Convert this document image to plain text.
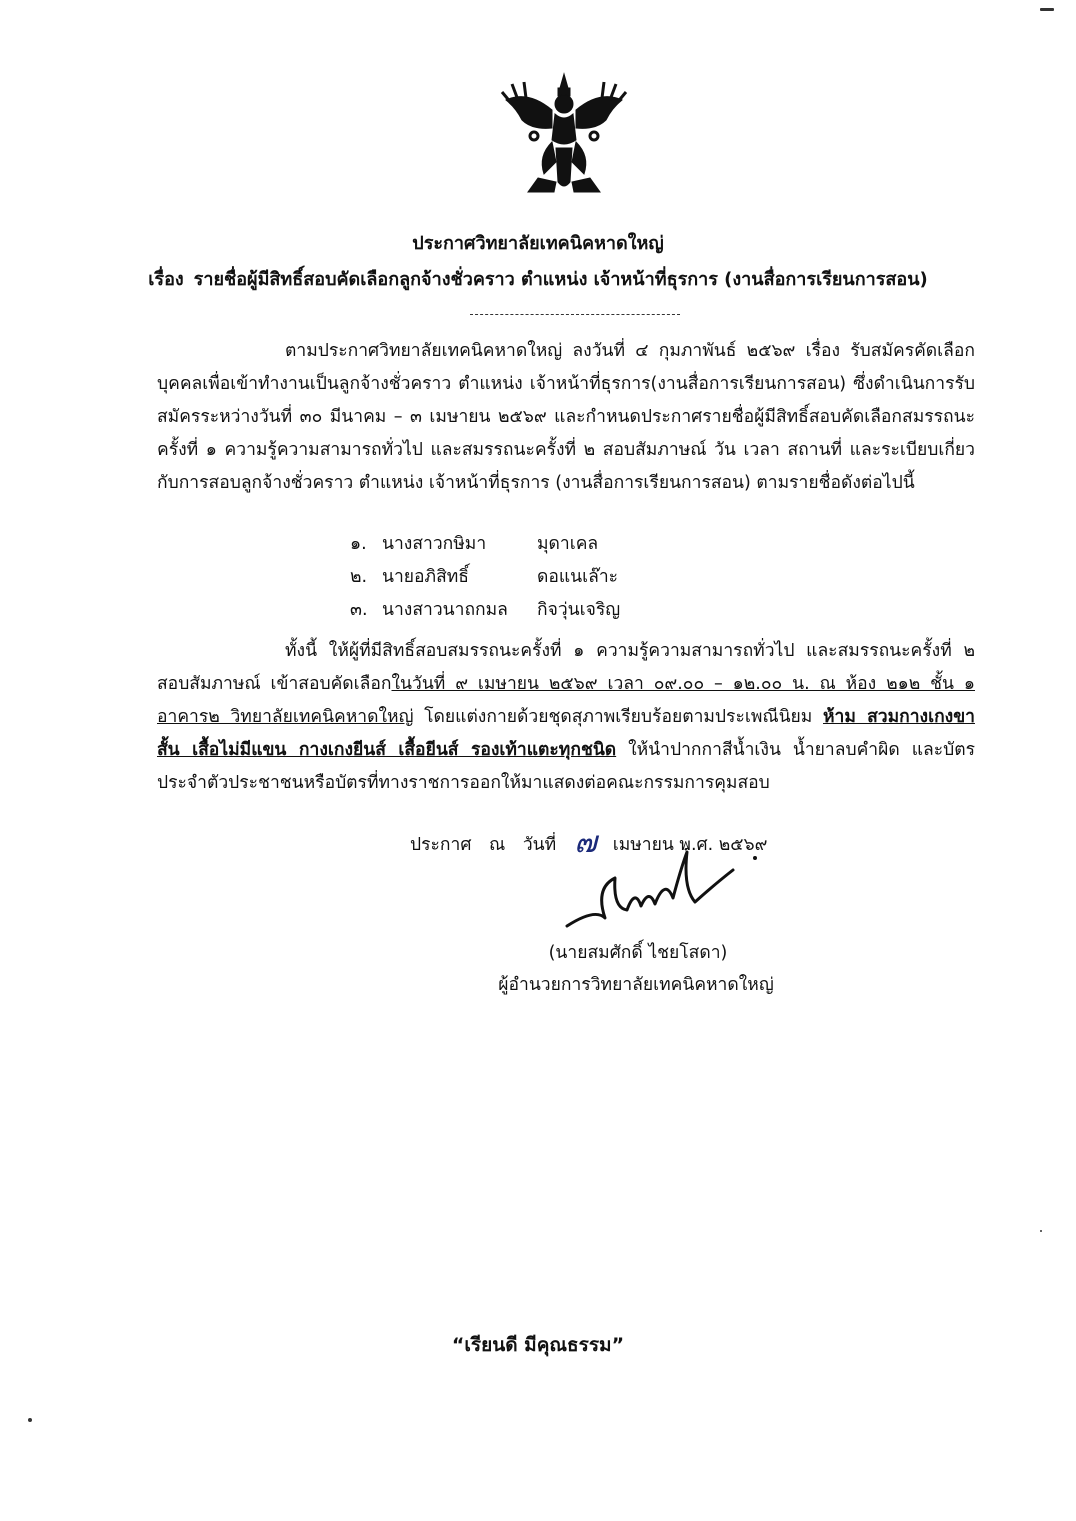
ประกาศวิทยาลัยเทคนิคหาดใหญ่
เรื่อง รายชื่อผู้มีสิทธิ์สอบคัดเลือกลูกจ้างชั่วคราว ตำแหน่ง เจ้าหน้าที่ธุรการ (งานสื่อการเรียนการสอน)
ตามประกาศวิทยาลัยเทคนิคหาดใหญ่ ลงวันที่ ๔ กุมภาพันธ์ ๒๕๖๙ เรื่อง รับสมัครคัดเลือกบุคคลเพื่อเข้าทำงานเป็นลูกจ้างชั่วคราว ตำแหน่ง เจ้าหน้าที่ธุรการ(งานสื่อการเรียนการสอน) ซึ่งดำเนินการรับสมัครระหว่างวันที่ ๓๐ มีนาคม – ๓ เมษายน ๒๕๖๙ และกำหนดประกาศรายชื่อผู้มีสิทธิ์สอบคัดเลือกสมรรถนะครั้งที่ ๑ ความรู้ความสามารถทั่วไป และสมรรถนะครั้งที่ ๒ สอบสัมภาษณ์ วัน เวลา สถานที่ และระเบียบเกี่ยวกับการสอบลูกจ้างชั่วคราว ตำแหน่ง เจ้าหน้าที่ธุรการ (งานสื่อการเรียนการสอน) ตามรายชื่อดังต่อไปนี้
๑. นางสาวกษิมา	มุดาเคล
๒. นายอภิสิทธิ์	ดอแนเล๊าะ
๓. นางสาวนาถกมล	กิจวุ่นเจริญ
ทั้งนี้ ให้ผู้ที่มีสิทธิ์สอบสมรรถนะครั้งที่ ๑ ความรู้ความสามารถทั่วไป และสมรรถนะครั้งที่ ๒ สอบสัมภาษณ์ เข้าสอบคัดเลือกในวันที่ ๙ เมษายน ๒๕๖๙ เวลา ๐๙.๐๐ – ๑๒.๐๐ น. ณ ห้อง ๒๑๒ ชั้น ๑ อาคาร๒ วิทยาลัยเทคนิคหาดใหญ่ โดยแต่งกายด้วยชุดสุภาพเรียบร้อยตามประเพณีนิยม ห้าม สวมกางเกงขาสั้น เสื้อไม่มีแขน กางเกงยีนส์ เสื้อยีนส์ รองเท้าแตะทุกชนิด ให้นำปากกาสีน้ำเงิน น้ำยาลบคำผิด และบัตรประจำตัวประชาชนหรือบัตรที่ทางราชการออกให้มาแสดงต่อคณะกรรมการคุมสอบ
ประกาศ ณ วันที่ ๗ เมษายน พ.ศ. ๒๕๖๙
(นายสมศักดิ์ ไชยโสดา)
ผู้อำนวยการวิทยาลัยเทคนิคหาดใหญ่
“เรียนดี มีคุณธรรม”
